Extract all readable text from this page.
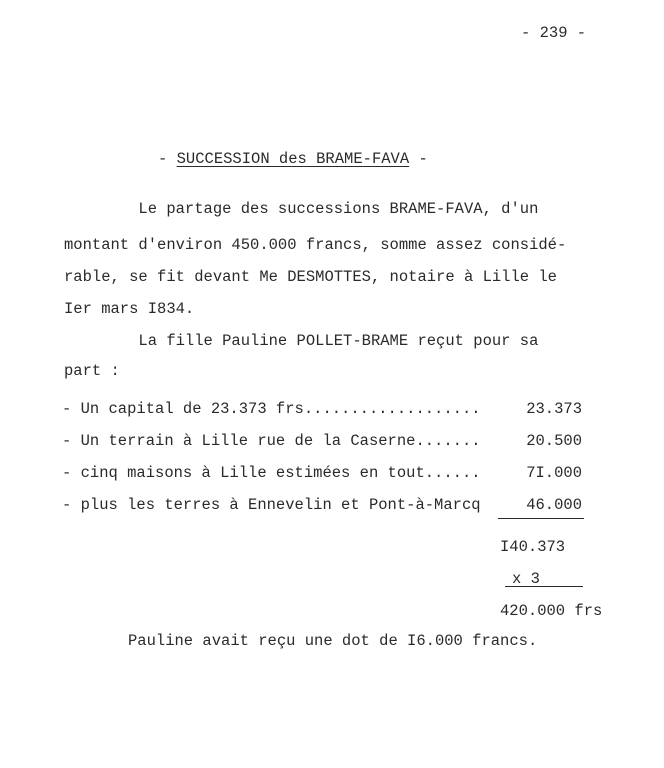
- 239 -
- SUCCESSION des BRAME-FAVA -
Le partage des successions BRAME-FAVA, d'un
montant d'environ 450.000 francs, somme assez considé-
rable, se fit devant Me DESMOTTES, notaire à Lille le
Ier mars I834.
La fille Pauline POLLET-BRAME reçut pour sa
part :
- Un capital de 23.373 frs...................	23.373
- Un terrain à Lille rue de la Caserne.......	20.500
- cinq maisons à Lille estimées en tout......	7I.000
- plus les terres à Ennevelin et Pont-à-Marcq	46.000
I40.373
x 3
420.000 frs
Pauline avait reçu une dot de I6.000 francs.
